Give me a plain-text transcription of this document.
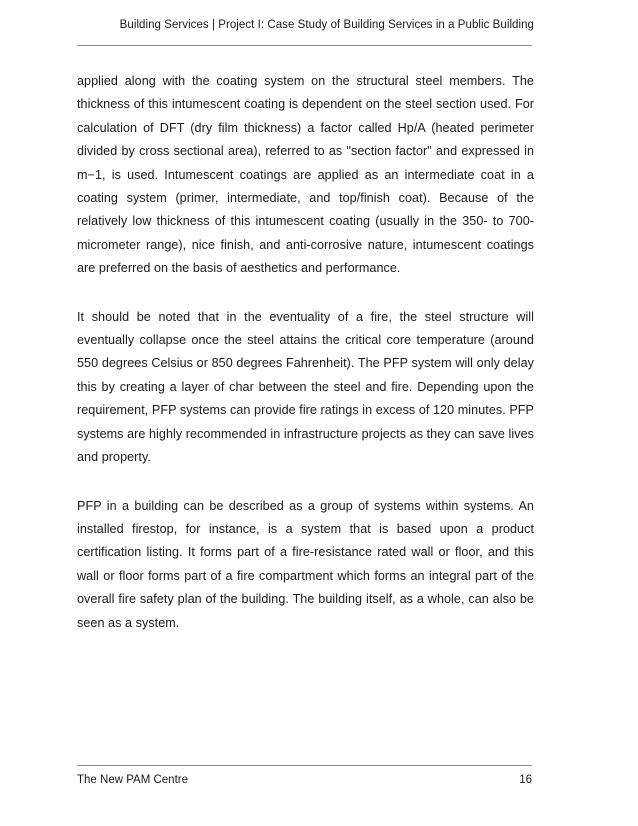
Building Services | Project I: Case Study of Building Services in a Public Building

applied along with the coating system on the structural steel members. The thickness of this intumescent coating is dependent on the steel section used. For calculation of DFT (dry film thickness) a factor called Hp/A (heated perimeter divided by cross sectional area), referred to as "section factor" and expressed in m−1, is used. Intumescent coatings are applied as an intermediate coat in a coating system (primer, intermediate, and top/finish coat). Because of the relatively low thickness of this intumescent coating (usually in the 350- to 700-micrometer range), nice finish, and anti-corrosive nature, intumescent coatings are preferred on the basis of aesthetics and performance.

It should be noted that in the eventuality of a fire, the steel structure will eventually collapse once the steel attains the critical core temperature (around 550 degrees Celsius or 850 degrees Fahrenheit). The PFP system will only delay this by creating a layer of char between the steel and fire. Depending upon the requirement, PFP systems can provide fire ratings in excess of 120 minutes. PFP systems are highly recommended in infrastructure projects as they can save lives and property.

PFP in a building can be described as a group of systems within systems. An installed firestop, for instance, is a system that is based upon a product certification listing. It forms part of a fire-resistance rated wall or floor, and this wall or floor forms part of a fire compartment which forms an integral part of the overall fire safety plan of the building. The building itself, as a whole, can also be seen as a system.

The New PAM Centre	16
